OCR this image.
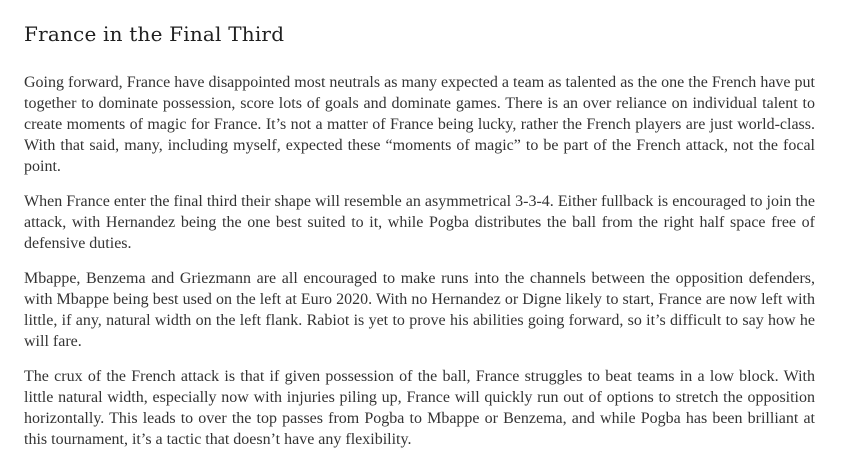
France in the Final Third

Going forward, France have disappointed most neutrals as many expected a team as talented as the one the French have put together to dominate possession, score lots of goals and dominate games. There is an over reliance on individual talent to create moments of magic for France. It’s not a matter of France being lucky, rather the French players are just world-class. With that said, many, including myself, expected these “moments of magic” to be part of the French attack, not the focal point.

When France enter the final third their shape will resemble an asymmetrical 3-3-4. Either fullback is encouraged to join the attack, with Hernandez being the one best suited to it, while Pogba distributes the ball from the right half space free of defensive duties.

Mbappe, Benzema and Griezmann are all encouraged to make runs into the channels between the opposition defenders, with Mbappe being best used on the left at Euro 2020. With no Hernandez or Digne likely to start, France are now left with little, if any, natural width on the left flank. Rabiot is yet to prove his abilities going forward, so it’s difficult to say how he will fare.

The crux of the French attack is that if given possession of the ball, France struggles to beat teams in a low block. With little natural width, especially now with injuries piling up, France will quickly run out of options to stretch the opposition horizontally. This leads to over the top passes from Pogba to Mbappe or Benzema, and while Pogba has been brilliant at this tournament, it’s a tactic that doesn’t have any flexibility.
